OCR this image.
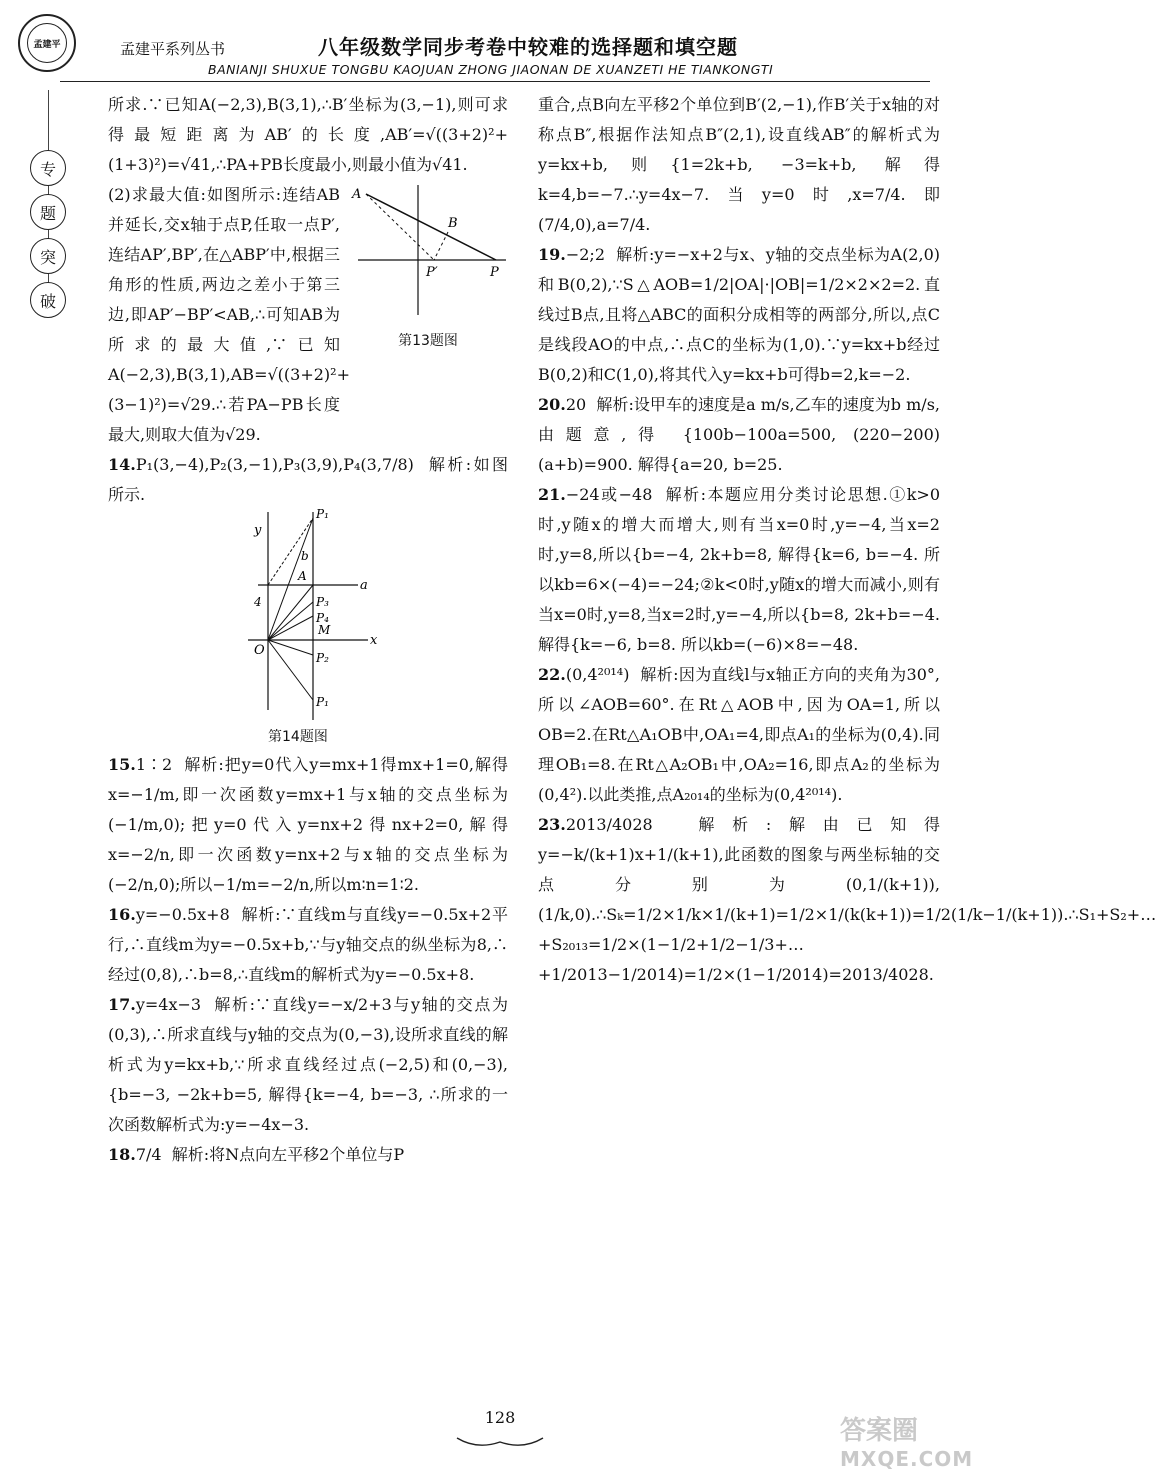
孟建平	孟建平系列丛书	八年级数学同步考卷中较难的选择题和填空题
BANIANJI SHUXUE TONGBU KAOJUAN ZHONG JIAONAN DE XUANZETI HE TIANKONGTI
专
题
突
破

所求.∵已知A(−2,3),B(3,1),∴B′坐标为(3,−1),则可求得最短距离为AB′的长度,AB′=√((3+2)²+(1+3)²)=√41,∴PA+PB长度最小,则最小值为√41.

(2)求最大值:如图所示:连结AB并延长,交x轴于点P,任取一点P′,连结AP′,BP′,在△ABP′中,根据三角形的性质,两边之差小于第三边,即AP′−BP′<AB,∴可知AB为所求的最大值,∵已知A(−2,3),B(3,1),AB=√((3+2)²+(3−1)²)=√29.∴若PA−PB长度最大,则取大值为√29.

A
B
P′	P
第13题图

14.P₁(3,−4),P₂(3,−1),P₃(3,9),P₄(3,7/8)  解析:如图所示.

y
P₁
b
A
a
4	P₃
P₄
M
O
x
P₂
P₁
第14题图

15.1∶2  解析:把y=0代入y=mx+1得mx+1=0,解得x=−1/m,即一次函数y=mx+1与x轴的交点坐标为(−1/m,0);把y=0代入y=nx+2得nx+2=0,解得x=−2/n,即一次函数y=nx+2与x轴的交点坐标为(−2/n,0);所以−1/m=−2/n,所以m∶n=1∶2.

16.y=−0.5x+8  解析:∵直线m与直线y=−0.5x+2平行,∴直线m为y=−0.5x+b,∵与y轴交点的纵坐标为8,∴经过(0,8),∴b=8,∴直线m的解析式为y=−0.5x+8.

17.y=4x−3  解析:∵直线y=−x/2+3与y轴的交点为(0,3),∴所求直线与y轴的交点为(0,−3),设所求直线的解析式为y=kx+b,∵所求直线经过点(−2,5)和(0,−3),{b=−3, −2k+b=5, 解得{k=−4, b=−3, ∴所求的一次函数解析式为:y=−4x−3.

18.7/4  解析:将N点向左平移2个单位与P

重合,点B向左平移2个单位到B′(2,−1),作B′关于x轴的对称点B″,根据作法知点B″(2,1),设直线AB″的解析式为y=kx+b,则{1=2k+b, −3=k+b, 解得k=4,b=−7.∴y=4x−7.当y=0时,x=7/4.即(7/4,0),a=7/4.

19.−2;2  解析:y=−x+2与x、y轴的交点坐标为A(2,0)和B(0,2),∵S△AOB=1/2|OA|·|OB|=1/2×2×2=2.直线过B点,且将△ABC的面积分成相等的两部分,所以,点C是线段AO的中点,∴点C的坐标为(1,0).∵y=kx+b经过B(0,2)和C(1,0),将其代入y=kx+b可得b=2,k=−2.

20.20  解析:设甲车的速度是a m/s,乙车的速度为b m/s,由题意,得 {100b−100a=500, (220−200)(a+b)=900. 解得{a=20, b=25.

21.−24或−48  解析:本题应用分类讨论思想.①k>0时,y随x的增大而增大,则有当x=0时,y=−4,当x=2时,y=8,所以{b=−4, 2k+b=8, 解得{k=6, b=−4. 所以kb=6×(−4)=−24;②k<0时,y随x的增大而减小,则有当x=0时,y=8,当x=2时,y=−4,所以{b=8, 2k+b=−4. 解得{k=−6, b=8. 所以kb=(−6)×8=−48.

22.(0,4²⁰¹⁴)  解析:因为直线l与x轴正方向的夹角为30°,所以∠AOB=60°.在Rt△AOB中,因为OA=1,所以OB=2.在Rt△A₁OB中,OA₁=4,即点A₁的坐标为(0,4).同理OB₁=8.在Rt△A₂OB₁中,OA₂=16,即点A₂的坐标为(0,4²).以此类推,点A₂₀₁₄的坐标为(0,4²⁰¹⁴).

23.2013/4028  解析:解由已知得y=−k/(k+1)x+1/(k+1),此函数的图象与两坐标轴的交点分别为(0,1/(k+1)),(1/k,0).∴Sₖ=1/2×1/k×1/(k+1)=1/2×1/(k(k+1))=1/2(1/k−1/(k+1)).∴S₁+S₂+…+S₂₀₁₃=1/2×(1−1/2+1/2−1/3+…+1/2013−1/2014)=1/2×(1−1/2014)=2013/4028.

128	答案圈
MXQE.COM
